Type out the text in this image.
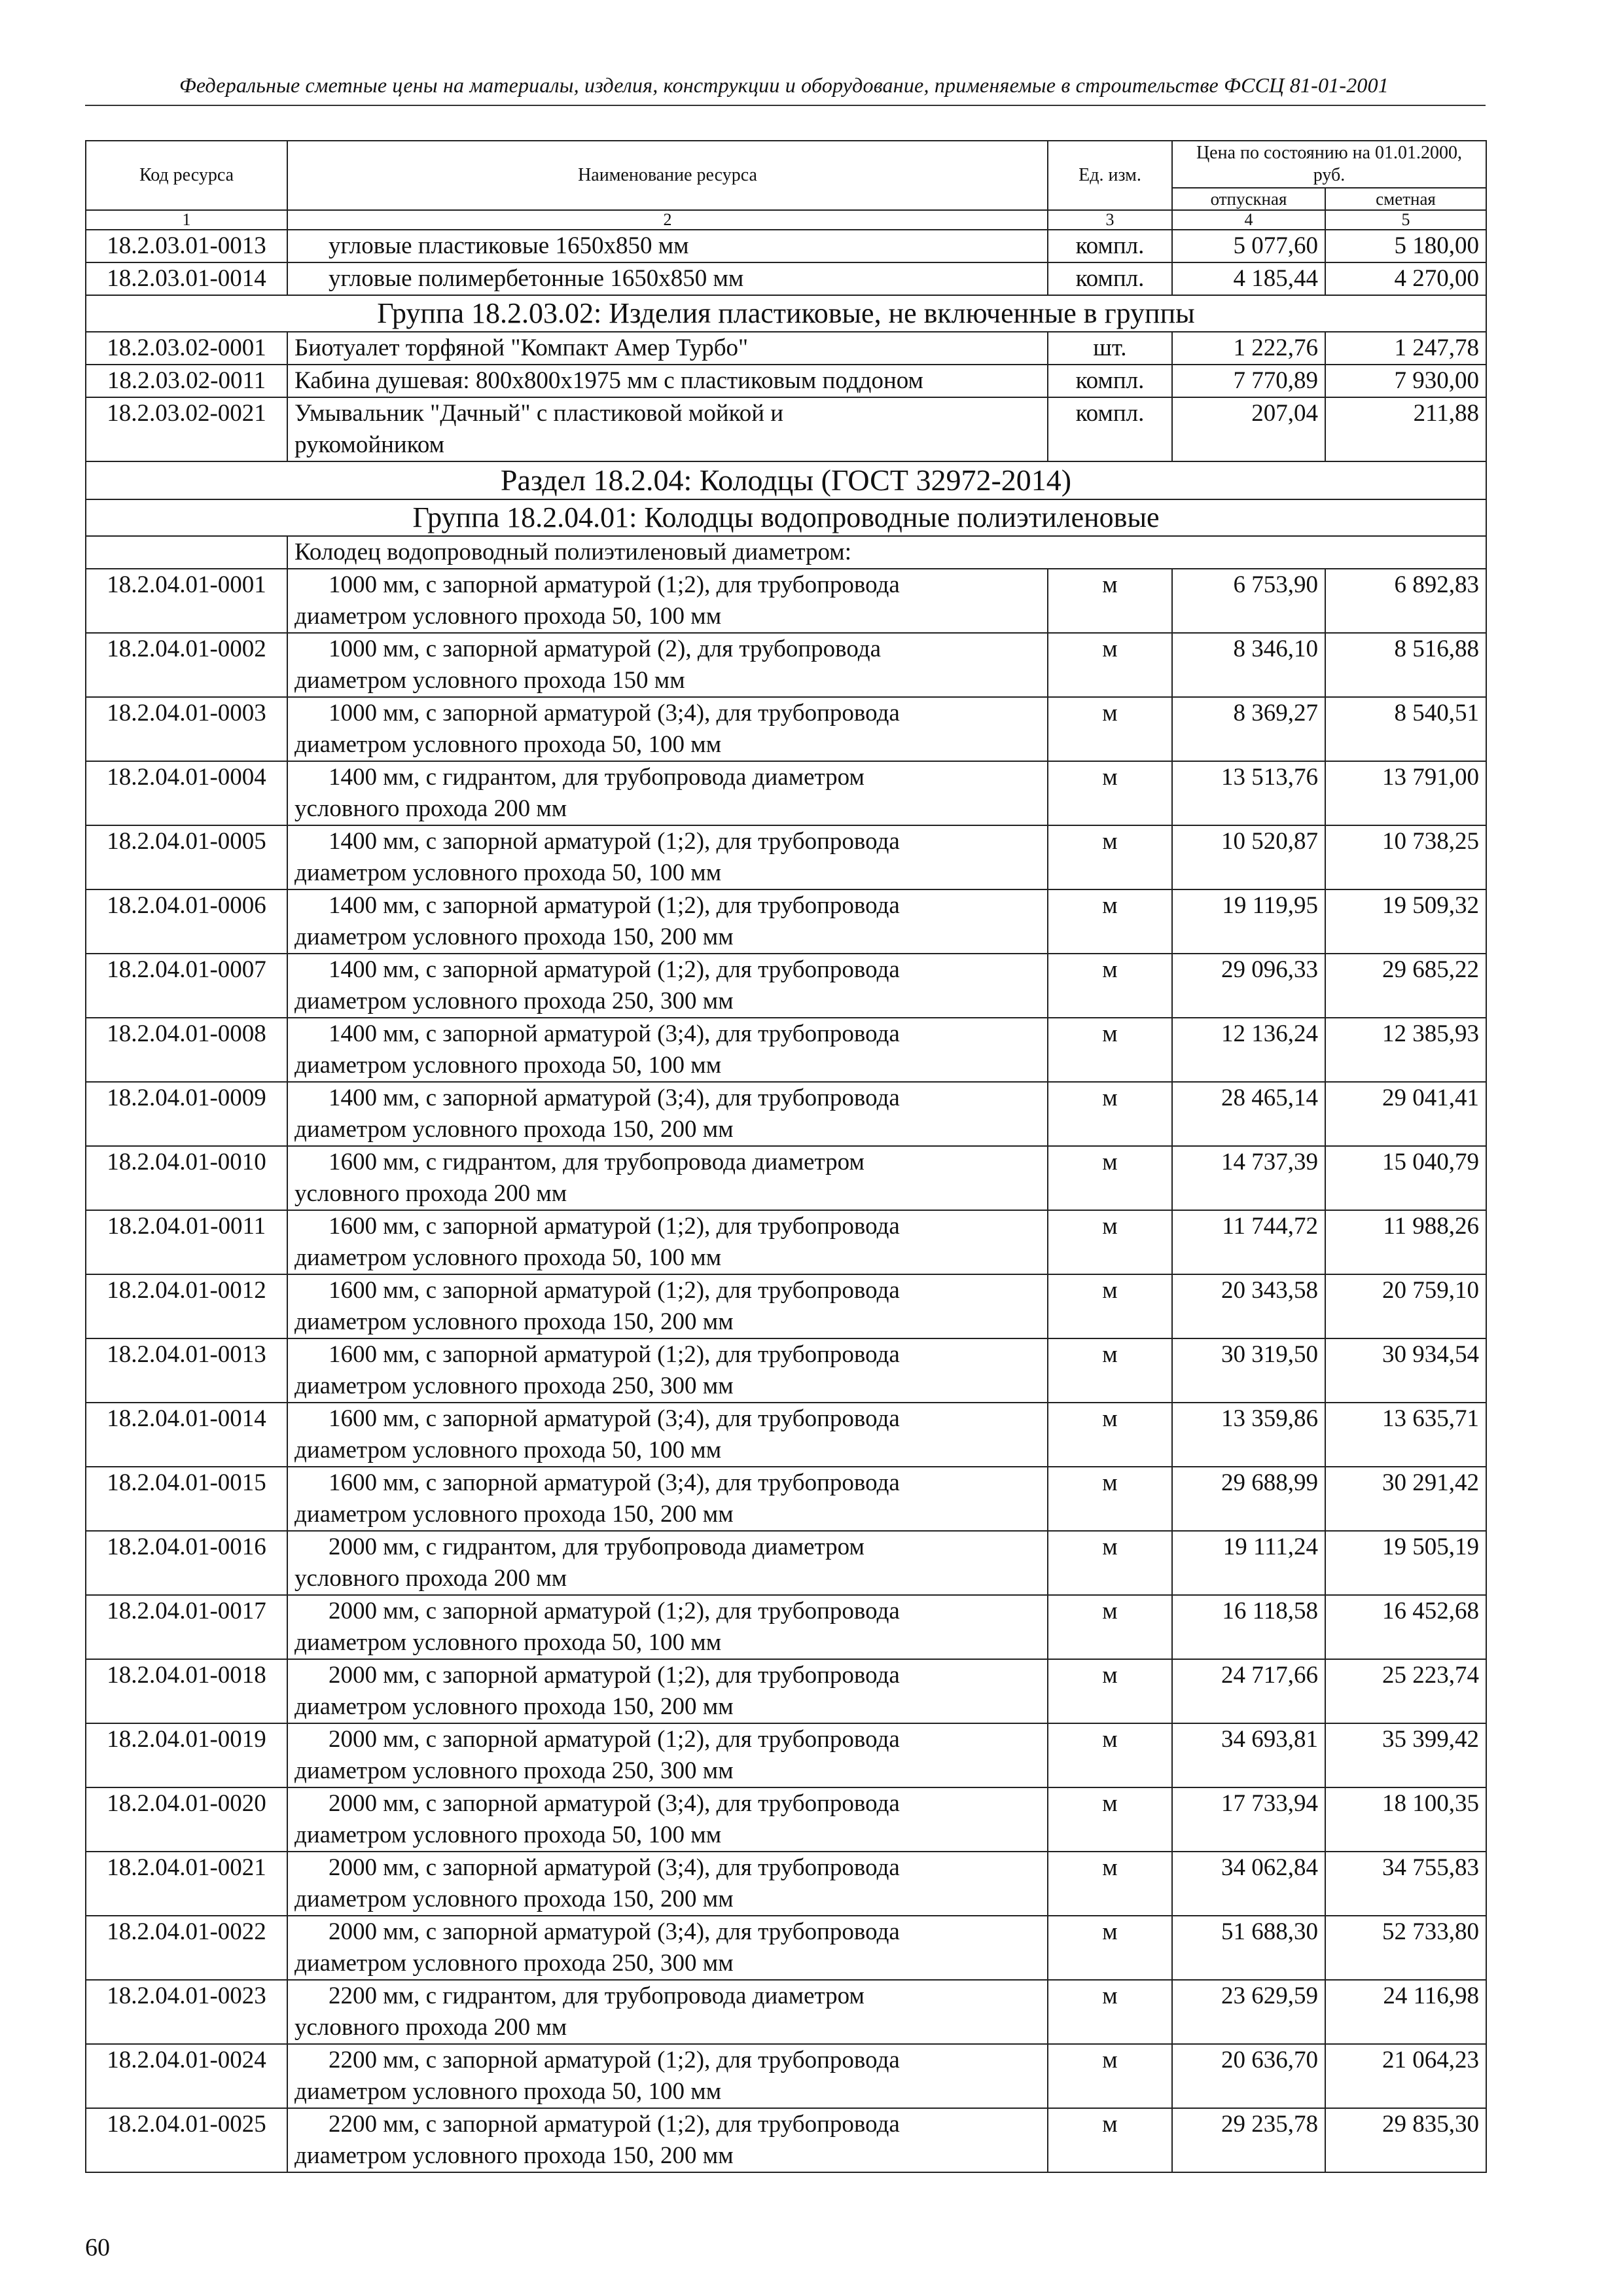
Федеральные сметные цены на материалы, изделия, конструкции и оборудование, применяемые в строительстве ФССЦ 81-01-2001
Код ресурса	Наименование ресурса	Ед. изм.	Цена по состоянию на 01.01.2000, руб.	
			отпускная	сметная
1	2	3	4	5
18.2.03.01-0013	угловые пластиковые 1650х850 мм	компл.	5 077,60	5 180,00
18.2.03.01-0014	угловые полимербетонные 1650х850 мм	компл.	4 185,44	4 270,00
Группа 18.2.03.02: Изделия пластиковые, не включенные в группы				
18.2.03.02-0001	Биотуалет торфяной "Компакт Амер Турбо"	шт.	1 222,76	1 247,78
18.2.03.02-0011	Кабина душевая: 800х800х1975 мм с пластиковым поддоном	компл.	7 770,89	7 930,00
18.2.03.02-0021	Умывальник "Дачный" с пластиковой мойкой и
рукомойником	компл.	207,04	211,88
Раздел 18.2.04: Колодцы (ГОСТ 32972-2014)				
Группа 18.2.04.01: Колодцы водопроводные полиэтиленовые				
	Колодец водопроводный полиэтиленовый диаметром:			
18.2.04.01-0001	1000 мм, с запорной арматурой (1;2), для трубопровода
диаметром условного прохода 50, 100 мм	м	6 753,90	6 892,83
18.2.04.01-0002	1000 мм, с запорной арматурой (2), для трубопровода
диаметром условного прохода 150 мм	м	8 346,10	8 516,88
18.2.04.01-0003	1000 мм, с запорной арматурой (3;4), для трубопровода
диаметром условного прохода 50, 100 мм	м	8 369,27	8 540,51
18.2.04.01-0004	1400 мм, с гидрантом, для трубопровода диаметром
условного прохода 200 мм	м	13 513,76	13 791,00
18.2.04.01-0005	1400 мм, с запорной арматурой (1;2), для трубопровода
диаметром условного прохода 50, 100 мм	м	10 520,87	10 738,25
18.2.04.01-0006	1400 мм, с запорной арматурой (1;2), для трубопровода
диаметром условного прохода 150, 200 мм	м	19 119,95	19 509,32
18.2.04.01-0007	1400 мм, с запорной арматурой (1;2), для трубопровода
диаметром условного прохода 250, 300 мм	м	29 096,33	29 685,22
18.2.04.01-0008	1400 мм, с запорной арматурой (3;4), для трубопровода
диаметром условного прохода 50, 100 мм	м	12 136,24	12 385,93
18.2.04.01-0009	1400 мм, с запорной арматурой (3;4), для трубопровода
диаметром условного прохода 150, 200 мм	м	28 465,14	29 041,41
18.2.04.01-0010	1600 мм, с гидрантом, для трубопровода диаметром
условного прохода 200 мм	м	14 737,39	15 040,79
18.2.04.01-0011	1600 мм, с запорной арматурой (1;2), для трубопровода
диаметром условного прохода 50, 100 мм	м	11 744,72	11 988,26
18.2.04.01-0012	1600 мм, с запорной арматурой (1;2), для трубопровода
диаметром условного прохода 150, 200 мм	м	20 343,58	20 759,10
18.2.04.01-0013	1600 мм, с запорной арматурой (1;2), для трубопровода
диаметром условного прохода 250, 300 мм	м	30 319,50	30 934,54
18.2.04.01-0014	1600 мм, с запорной арматурой (3;4), для трубопровода
диаметром условного прохода 50, 100 мм	м	13 359,86	13 635,71
18.2.04.01-0015	1600 мм, с запорной арматурой (3;4), для трубопровода
диаметром условного прохода 150, 200 мм	м	29 688,99	30 291,42
18.2.04.01-0016	2000 мм, с гидрантом, для трубопровода диаметром
условного прохода 200 мм	м	19 111,24	19 505,19
18.2.04.01-0017	2000 мм, с запорной арматурой (1;2), для трубопровода
диаметром условного прохода 50, 100 мм	м	16 118,58	16 452,68
18.2.04.01-0018	2000 мм, с запорной арматурой (1;2), для трубопровода
диаметром условного прохода 150, 200 мм	м	24 717,66	25 223,74
18.2.04.01-0019	2000 мм, с запорной арматурой (1;2), для трубопровода
диаметром условного прохода 250, 300 мм	м	34 693,81	35 399,42
18.2.04.01-0020	2000 мм, с запорной арматурой (3;4), для трубопровода
диаметром условного прохода 50, 100 мм	м	17 733,94	18 100,35
18.2.04.01-0021	2000 мм, с запорной арматурой (3;4), для трубопровода
диаметром условного прохода 150, 200 мм	м	34 062,84	34 755,83
18.2.04.01-0022	2000 мм, с запорной арматурой (3;4), для трубопровода
диаметром условного прохода 250, 300 мм	м	51 688,30	52 733,80
18.2.04.01-0023	2200 мм, с гидрантом, для трубопровода диаметром
условного прохода 200 мм	м	23 629,59	24 116,98
18.2.04.01-0024	2200 мм, с запорной арматурой (1;2), для трубопровода
диаметром условного прохода 50, 100 мм	м	20 636,70	21 064,23
18.2.04.01-0025	2200 мм, с запорной арматурой (1;2), для трубопровода
диаметром условного прохода 150, 200 мм	м	29 235,78	29 835,30
60
